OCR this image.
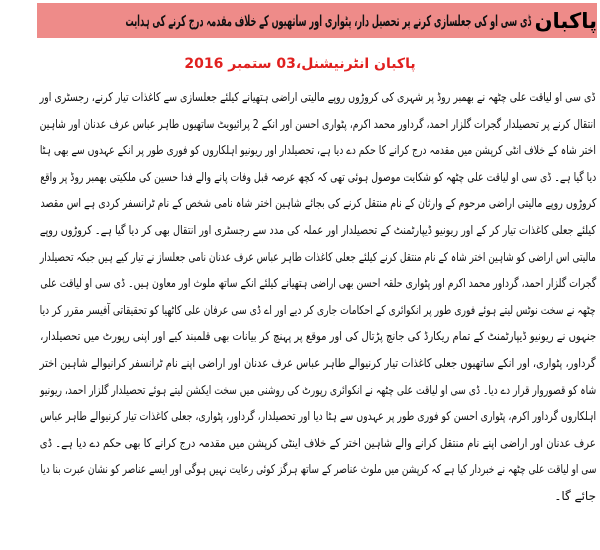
پاکبان
ڈی سی او کی جعلسازی کرنے پر تحصیل دار، پٹواری اور ساتھیوں کے خلاف مقدمہ درج کرنے کی ہدایت
پاکبان انٹرنیشنل،03 ستمبر 2016
ڈی سی او لیاقت علی چٹھہ نے بھمبر روڈ پر شہری کی کروڑوں روپے مالیتی اراضی ہتھیانے کیلئے جعلسازی سے کاغذات تیار کرنے، رجسٹری اور
انتقال کرنے پر تحصیلدار گجرات گلزار احمد، گرداور محمد اکرم، پٹواری احسن اور انکے 2 پرائیویٹ ساتھیوں طاہر عباس عرف عدنان اور شاہین
اختر شاہ کے خلاف انٹی کرپشن میں مقدمہ درج کرانے کا حکم دے دیا ہے، تحصیلدار اور ریونیو اہلکاروں کو فوری طور پر انکے عہدوں سے بھی ہٹا
دیا گیا ہے۔ ڈی سی او لیاقت علی چٹھہ کو شکایت موصول ہوئی تھی کہ کچھ عرصہ قبل وفات پانے والے فدا حسین کی ملکیتی بھمبر روڈ پر واقع
کروڑوں روپے مالیتی اراضی مرحوم کے وارثان کے نام منتقل کرنے کی بجائے شاہین اختر شاہ نامی شخص کے نام ٹرانسفر کردی ہے اس مقصد
کیلئے جعلی کاغذات تیار کر کے اور ریونیو ڈیپارٹمنٹ کے تحصیلدار اور عملہ کی مدد سے رجسٹری اور انتقال بھی کر دیا گیا ہے۔ کروڑوں روپے
مالیتی اس اراضی کو شاہین اختر شاہ کے نام منتقل کرنے کیلئے جعلی کاغذات طاہر عباس عرف عدنان نامی جعلساز نے تیار کیے ہیں جبکہ تحصیلدار
گجرات گلزار احمد، گرداور محمد اکرم اور پٹواری حلقہ احسن بھی اراضی ہتھیانے کیلئے انکے ساتھ ملوث اور معاون ہیں۔ ڈی سی او لیاقت علی
چٹھہ نے سخت نوٹس لیتے ہوئے فوری طور پر انکوائری کے احکامات جاری کر دیے اور اے ڈی سی عرفان علی کاٹھیا کو تحقیقاتی آفیسر مقرر کر دیا
جنہوں نے ریونیو ڈیپارٹمنٹ کے تمام ریکارڈ کی جانچ پڑتال کی اور موقع پر پہنچ کر بیانات بھی قلمبند کیے اور اپنی رپورٹ میں تحصیلدار،
گرداور، پٹواری، اور انکے ساتھیوں جعلی کاغذات تیار کرنیوالے طاہر عباس عرف عدنان اور اراضی اپنے نام ٹرانسفر کرانیوالے شاہین اختر
شاہ کو قصوروار قرار دے دیا۔ ڈی سی او لیاقت علی چٹھہ نے انکوائری رپورٹ کی روشنی میں سخت ایکشن لیتے ہوئے تحصیلدار گلزار احمد، ریونیو
اہلکاروں گرداور اکرم، پٹواری احسن کو فوری طور پر عہدوں سے ہٹا دیا اور تحصیلدار، گرداور، پٹواری، جعلی کاغذات تیار کرنیوالے طاہر عباس
عرف عدنان اور اراضی اپنے نام منتقل کرانے والے شاہین اختر کے خلاف اینٹی کرپشن میں مقدمہ درج کرانے کا بھی حکم دے دیا ہے۔ ڈی
سی او لیاقت علی چٹھہ نے خبردار کیا ہے کہ کرپشن میں ملوث عناصر کے ساتھ ہرگز کوئی رعایت نہیں ہوگی اور ایسے عناصر کو نشان عبرت بنا دیا
جائے گا۔
